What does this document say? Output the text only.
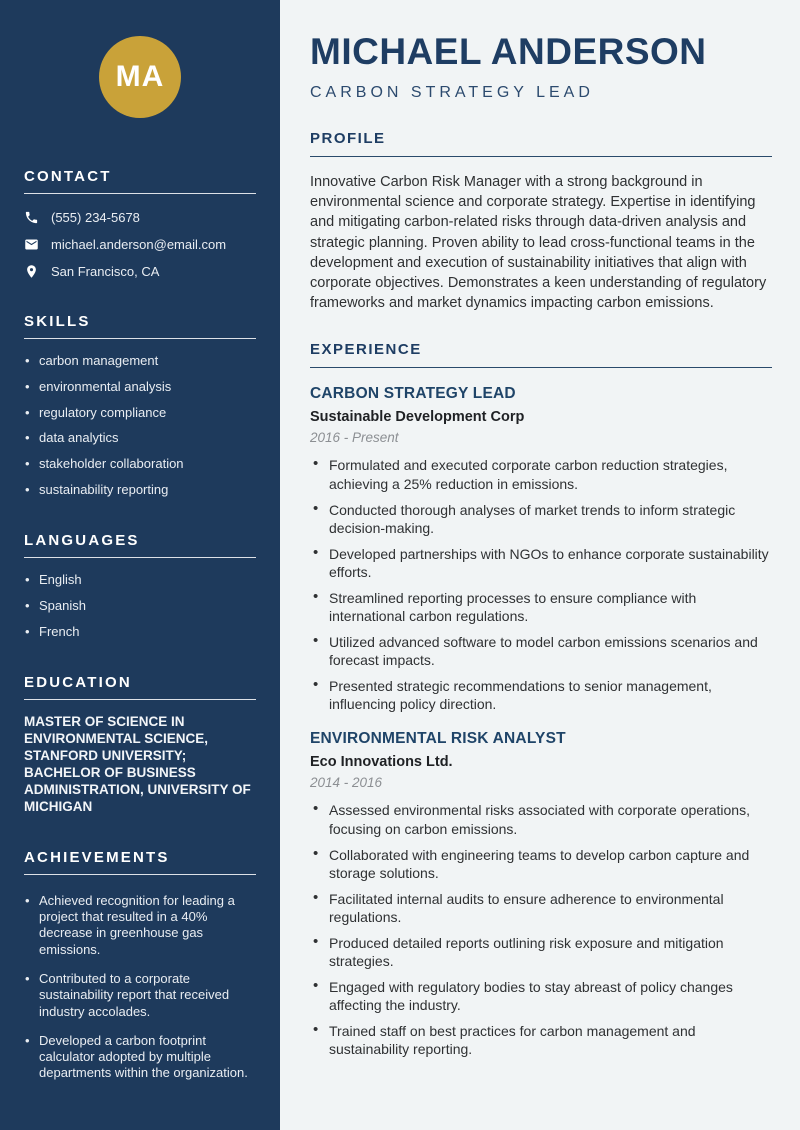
MA
CONTACT
(555) 234-5678
michael.anderson@email.com
San Francisco, CA
SKILLS
• carbon management
• environmental analysis
• regulatory compliance
• data analytics
• stakeholder collaboration
• sustainability reporting
LANGUAGES
• English
• Spanish
• French
EDUCATION

MASTER OF SCIENCE IN ENVIRONMENTAL SCIENCE, STANFORD UNIVERSITY; BACHELOR OF BUSINESS ADMINISTRATION, UNIVERSITY OF MICHIGAN

ACHIEVEMENTS
• Achieved recognition for leading a project that resulted in a 40% decrease in greenhouse gas emissions.
• Contributed to a corporate sustainability report that received industry accolades.
• Developed a carbon footprint calculator adopted by multiple departments within the organization.
MICHAEL ANDERSON
CARBON STRATEGY LEAD
PROFILE

Innovative Carbon Risk Manager with a strong background in environmental science and corporate strategy. Expertise in identifying and mitigating carbon-related risks through data-driven analysis and strategic planning. Proven ability to lead cross-functional teams in the development and execution of sustainability initiatives that align with corporate objectives. Demonstrates a keen understanding of regulatory frameworks and market dynamics impacting carbon emissions.

EXPERIENCE
CARBON STRATEGY LEAD
Sustainable Development Corp
2016 - Present
• Formulated and executed corporate carbon reduction strategies, achieving a 25% reduction in emissions.
• Conducted thorough analyses of market trends to inform strategic decision-making.
• Developed partnerships with NGOs to enhance corporate sustainability efforts.
• Streamlined reporting processes to ensure compliance with international carbon regulations.
• Utilized advanced software to model carbon emissions scenarios and forecast impacts.
• Presented strategic recommendations to senior management, influencing policy direction.
ENVIRONMENTAL RISK ANALYST
Eco Innovations Ltd.
2014 - 2016
• Assessed environmental risks associated with corporate operations, focusing on carbon emissions.
• Collaborated with engineering teams to develop carbon capture and storage solutions.
• Facilitated internal audits to ensure adherence to environmental regulations.
• Produced detailed reports outlining risk exposure and mitigation strategies.
• Engaged with regulatory bodies to stay abreast of policy changes affecting the industry.
• Trained staff on best practices for carbon management and sustainability reporting.
